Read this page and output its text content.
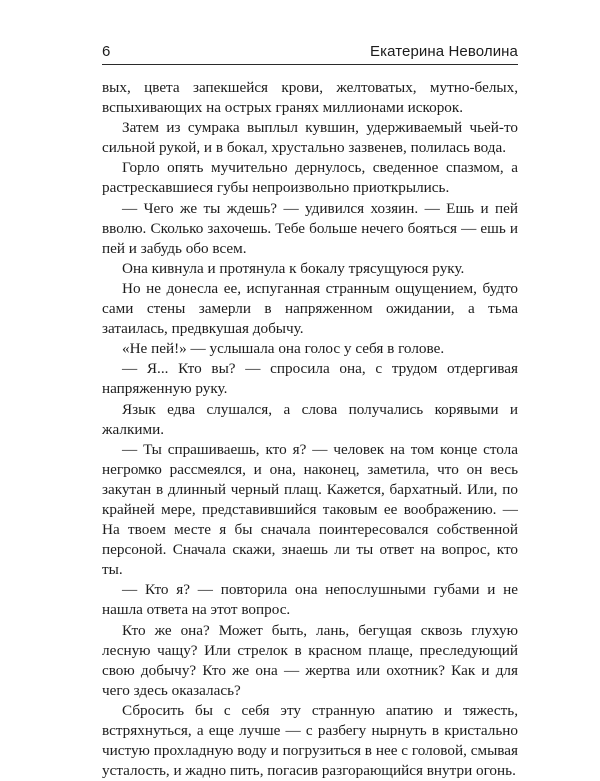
6	Екатерина Неволина

вых, цвета запекшейся крови, желтоватых, мутно-белых, вспыхивающих на острых гранях миллионами искорок.

Затем из сумрака выплыл кувшин, удерживаемый чьей-то сильной рукой, и в бокал, хрустально зазвенев, полилась вода.

Горло опять мучительно дернулось, сведенное спазмом, а растрескавшиеся губы непроизвольно приоткрылись.

— Чего же ты ждешь? — удивился хозяин. — Ешь и пей вволю. Сколько захочешь. Тебе больше нечего бояться — ешь и пей и забудь обо всем.

Она кивнула и протянула к бокалу трясущуюся руку.

Но не донесла ее, испуганная странным ощущением, будто сами стены замерли в напряженном ожидании, а тьма затаилась, предвкушая добычу.

«Не пей!» — услышала она голос у себя в голове.

— Я... Кто вы? — спросила она, с трудом отдергивая напряженную руку.

Язык едва слушался, а слова получались корявыми и жалкими.

— Ты спрашиваешь, кто я? — человек на том конце стола негромко рассмеялся, и она, наконец, заметила, что он весь закутан в длинный черный плащ. Кажется, бархатный. Или, по крайней мере, представившийся таковым ее воображению. — На твоем месте я бы сначала поинтересовался собственной персоной. Сначала скажи, знаешь ли ты ответ на вопрос, кто ты.

— Кто я? — повторила она непослушными губами и не нашла ответа на этот вопрос.

Кто же она? Может быть, лань, бегущая сквозь глухую лесную чащу? Или стрелок в красном плаще, преследующий свою добычу? Кто же она — жертва или охотник? Как и для чего здесь оказалась?

Сбросить бы с себя эту странную апатию и тяжесть, встряхнуться, а еще лучше — с разбегу нырнуть в кристально чистую прохладную воду и погрузиться в нее с головой, смывая усталость, и жадно пить, погасив разгорающийся внутри огонь.
